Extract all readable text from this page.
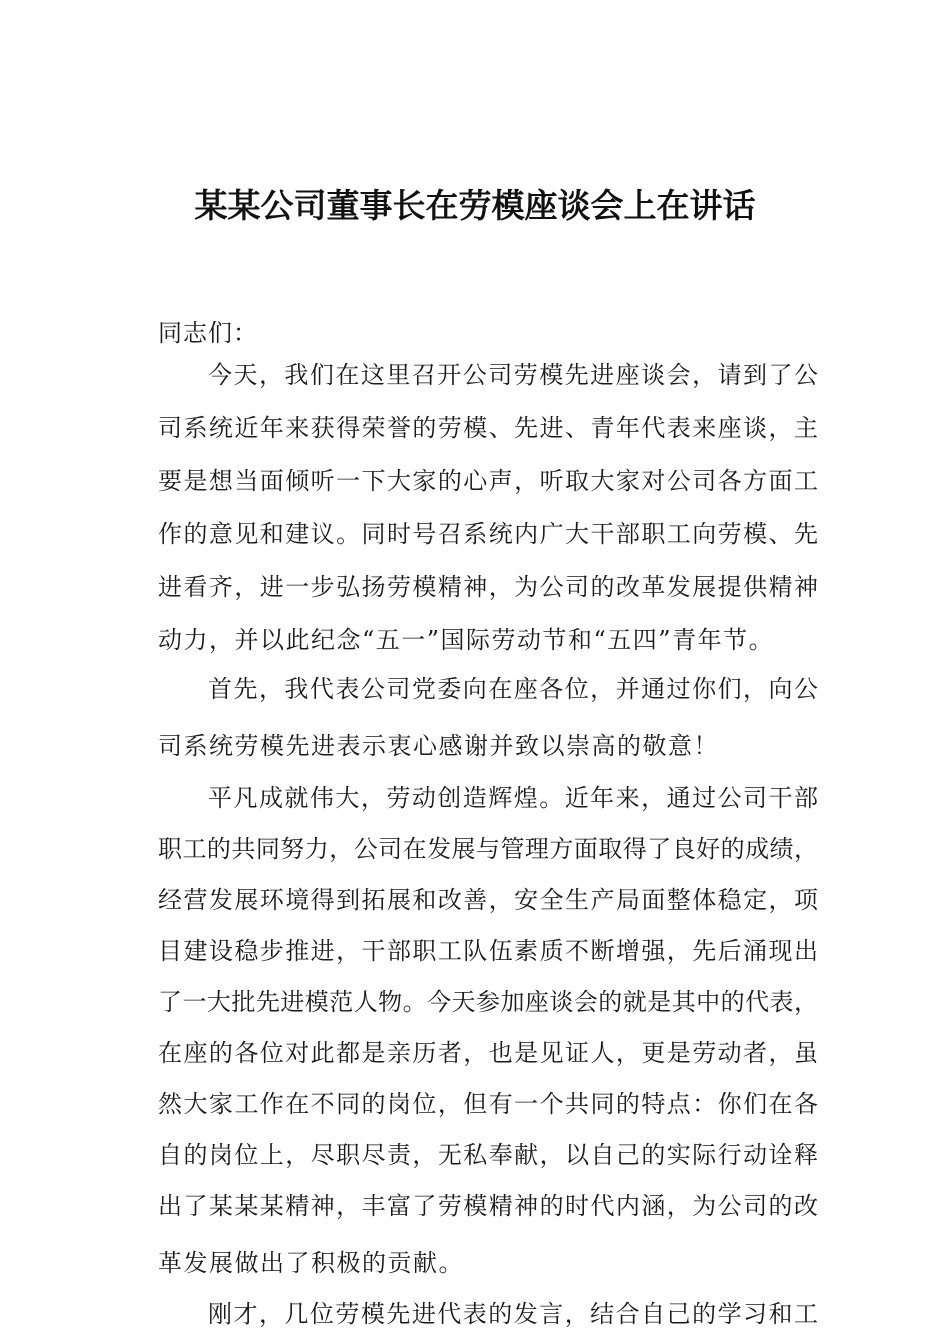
某某公司董事长在劳模座谈会上在讲话

同志们：

今天，我们在这里召开公司劳模先进座谈会，请到了公

司系统近年来获得荣誉的劳模、先进、青年代表来座谈，主

要是想当面倾听一下大家的心声，听取大家对公司各方面工

作的意见和建议。同时号召系统内广大干部职工向劳模、先

进看齐，进一步弘扬劳模精神，为公司的改革发展提供精神

动力，并以此纪念“五一”国际劳动节和“五四”青年节。

首先，我代表公司党委向在座各位，并通过你们，向公

司系统劳模先进表示衷心感谢并致以崇高的敬意！

平凡成就伟大，劳动创造辉煌。近年来，通过公司干部

职工的共同努力，公司在发展与管理方面取得了良好的成绩，

经营发展环境得到拓展和改善，安全生产局面整体稳定，项

目建设稳步推进，干部职工队伍素质不断增强，先后涌现出

了一大批先进模范人物。今天参加座谈会的就是其中的代表，

在座的各位对此都是亲历者，也是见证人，更是劳动者，虽

然大家工作在不同的岗位，但有一个共同的特点：你们在各

自的岗位上，尽职尽责，无私奉献，以自己的实际行动诠释

出了某某某精神，丰富了劳模精神的时代内涵，为公司的改

革发展做出了积极的贡献。

刚才，几位劳模先进代表的发言，结合自己的学习和工
